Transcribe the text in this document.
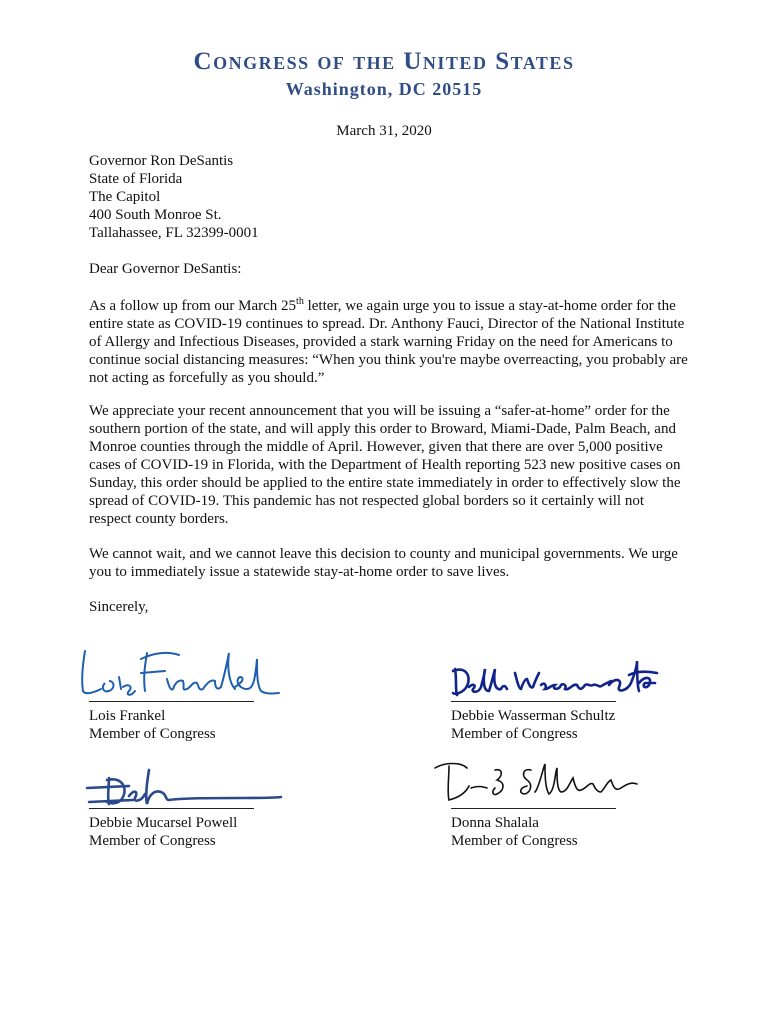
Congress of the United States
Washington, DC 20515
March 31, 2020
Governor Ron DeSantis
State of Florida
The Capitol
400 South Monroe St.
Tallahassee, FL 32399-0001
Dear Governor DeSantis:
As a follow up from our March 25th letter, we again urge you to issue a stay-at-home order for the entire state as COVID-19 continues to spread. Dr. Anthony Fauci, Director of the National Institute of Allergy and Infectious Diseases, provided a stark warning Friday on the need for Americans to continue social distancing measures: “When you think you're maybe overreacting, you probably are not acting as forcefully as you should.”
We appreciate your recent announcement that you will be issuing a “safer-at-home” order for the southern portion of the state, and will apply this order to Broward, Miami-Dade, Palm Beach, and Monroe counties through the middle of April. However, given that there are over 5,000 positive cases of COVID-19 in Florida, with the Department of Health reporting 523 new positive cases on Sunday, this order should be applied to the entire state immediately in order to effectively slow the spread of COVID-19. This pandemic has not respected global borders so it certainly will not respect county borders.
We cannot wait, and we cannot leave this decision to county and municipal governments. We urge you to immediately issue a statewide stay-at-home order to save lives.
Sincerely,
Lois Frankel
Member of Congress
Debbie Wasserman Schultz
Member of Congress
Debbie Mucarsel Powell
Member of Congress
Donna Shalala
Member of Congress
